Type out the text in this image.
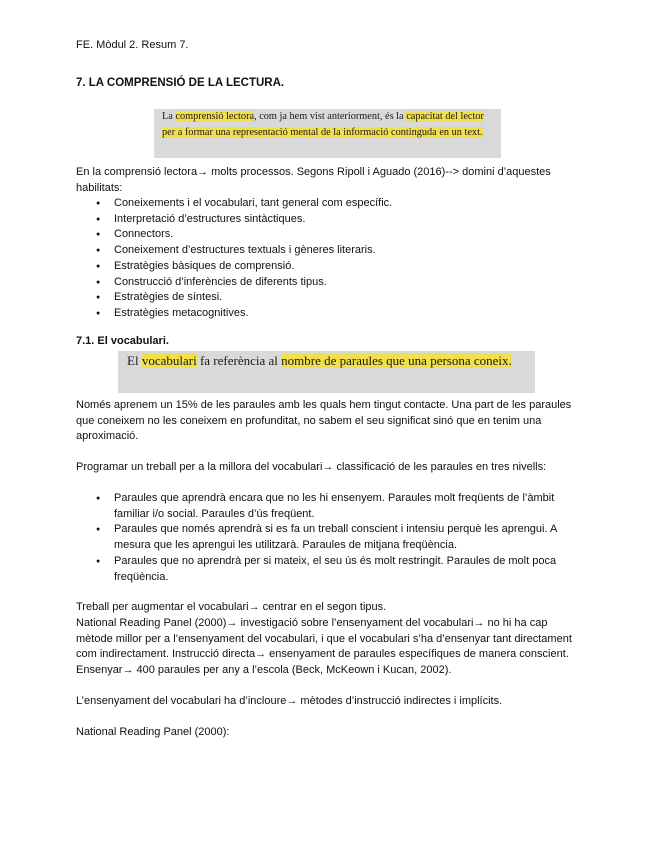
FE. Mòdul 2. Resum 7.
7. LA COMPRENSIÓ DE LA LECTURA.
La comprensió lectora, com ja hem vist anteriorment, és la capacitat del lector per a formar una representació mental de la informació continguda en un text.

En la comprensió lectora→ molts processos. Segons Ripoll i Aguado (2016)--> domini d’aquestes habilitats:

● Coneixements i el vocabulari, tant general com específic.
● Interpretació d’estructures sintàctiques.
● Connectors.
● Coneixement d’estructures textuals i gèneres literaris.
● Estratègies bàsiques de comprensió.
● Construcció d’inferències de diferents tipus.
● Estratègies de síntesi.
● Estratègies metacognitives.
7.1. El vocabulari.
El vocabulari fa referència al nombre de paraules que una persona coneix.

Només aprenem un 15% de les paraules amb les quals hem tingut contacte. Una part de les paraules que coneixem no les coneixem en profunditat, no sabem el seu significat sinó que en tenim una aproximació.

Programar un treball per a la millora del vocabulari→ classificació de les paraules en tres nivells:

● Paraules que aprendrà encara que no les hi ensenyem. Paraules molt freqüents de l’àmbit familiar i/o social. Paraules d’ús freqüent.
● Paraules que només aprendrà si es fa un treball conscient i intensiu perquè les aprengui. A mesura que les aprengui les utilitzarà. Paraules de mitjana freqüència.
● Paraules que no aprendrà per si mateix, el seu ús és molt restringit. Paraules de molt poca freqüència.

Treball per augmentar el vocabulari→ centrar en el segon tipus.

National Reading Panel (2000)→ investigació sobre l’ensenyament del vocabulari→ no hi ha cap mètode millor per a l’ensenyament del vocabulari, i que el vocabulari s’ha d’ensenyar tant directament com indirectament. Instrucció directa→ ensenyament de paraules específiques de manera conscient. Ensenyar→ 400 paraules per any a l’escola (Beck, McKeown i Kucan, 2002).

L’ensenyament del vocabulari ha d’incloure→ mètodes d’instrucció indirectes i implícits.

National Reading Panel (2000):
